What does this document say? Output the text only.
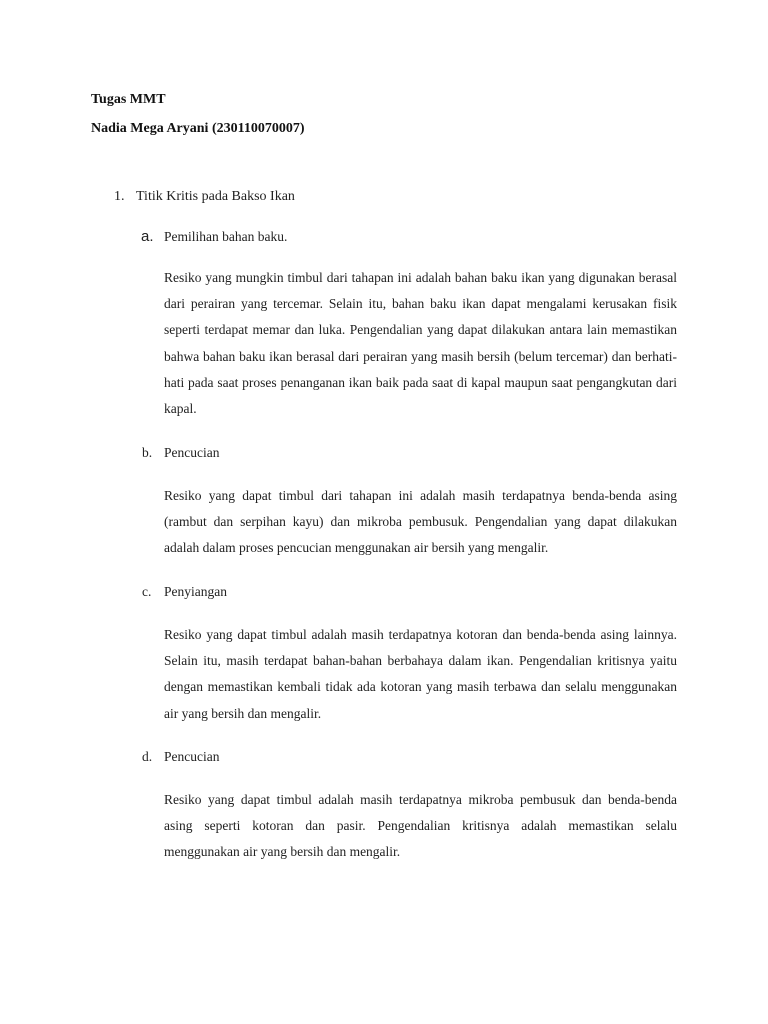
Tugas MMT
Nadia Mega Aryani (230110070007)
1. Titik Kritis pada Bakso Ikan
a. Pemilihan bahan baku.

Resiko yang mungkin timbul dari tahapan ini adalah bahan baku ikan yang digunakan berasal dari perairan yang tercemar. Selain itu, bahan baku ikan dapat mengalami kerusakan fisik seperti terdapat memar dan luka. Pengendalian yang dapat dilakukan antara lain memastikan bahwa bahan baku ikan berasal dari perairan yang masih bersih (belum tercemar) dan berhati-hati pada saat proses penanganan ikan baik pada saat di kapal maupun saat pengangkutan dari kapal.

b. Pencucian

Resiko yang dapat timbul dari tahapan ini adalah masih terdapatnya benda-benda asing (rambut dan serpihan kayu) dan mikroba pembusuk. Pengendalian yang dapat dilakukan adalah dalam proses pencucian menggunakan air bersih yang mengalir.

c. Penyiangan

Resiko yang dapat timbul adalah masih terdapatnya kotoran dan benda-benda asing lainnya. Selain itu, masih terdapat bahan-bahan berbahaya dalam ikan. Pengendalian kritisnya yaitu dengan memastikan kembali tidak ada kotoran yang masih terbawa dan selalu menggunakan air yang bersih dan mengalir.

d. Pencucian

Resiko yang dapat timbul adalah masih terdapatnya mikroba pembusuk dan benda-benda asing seperti kotoran dan pasir. Pengendalian kritisnya adalah memastikan selalu menggunakan air yang bersih dan mengalir.
